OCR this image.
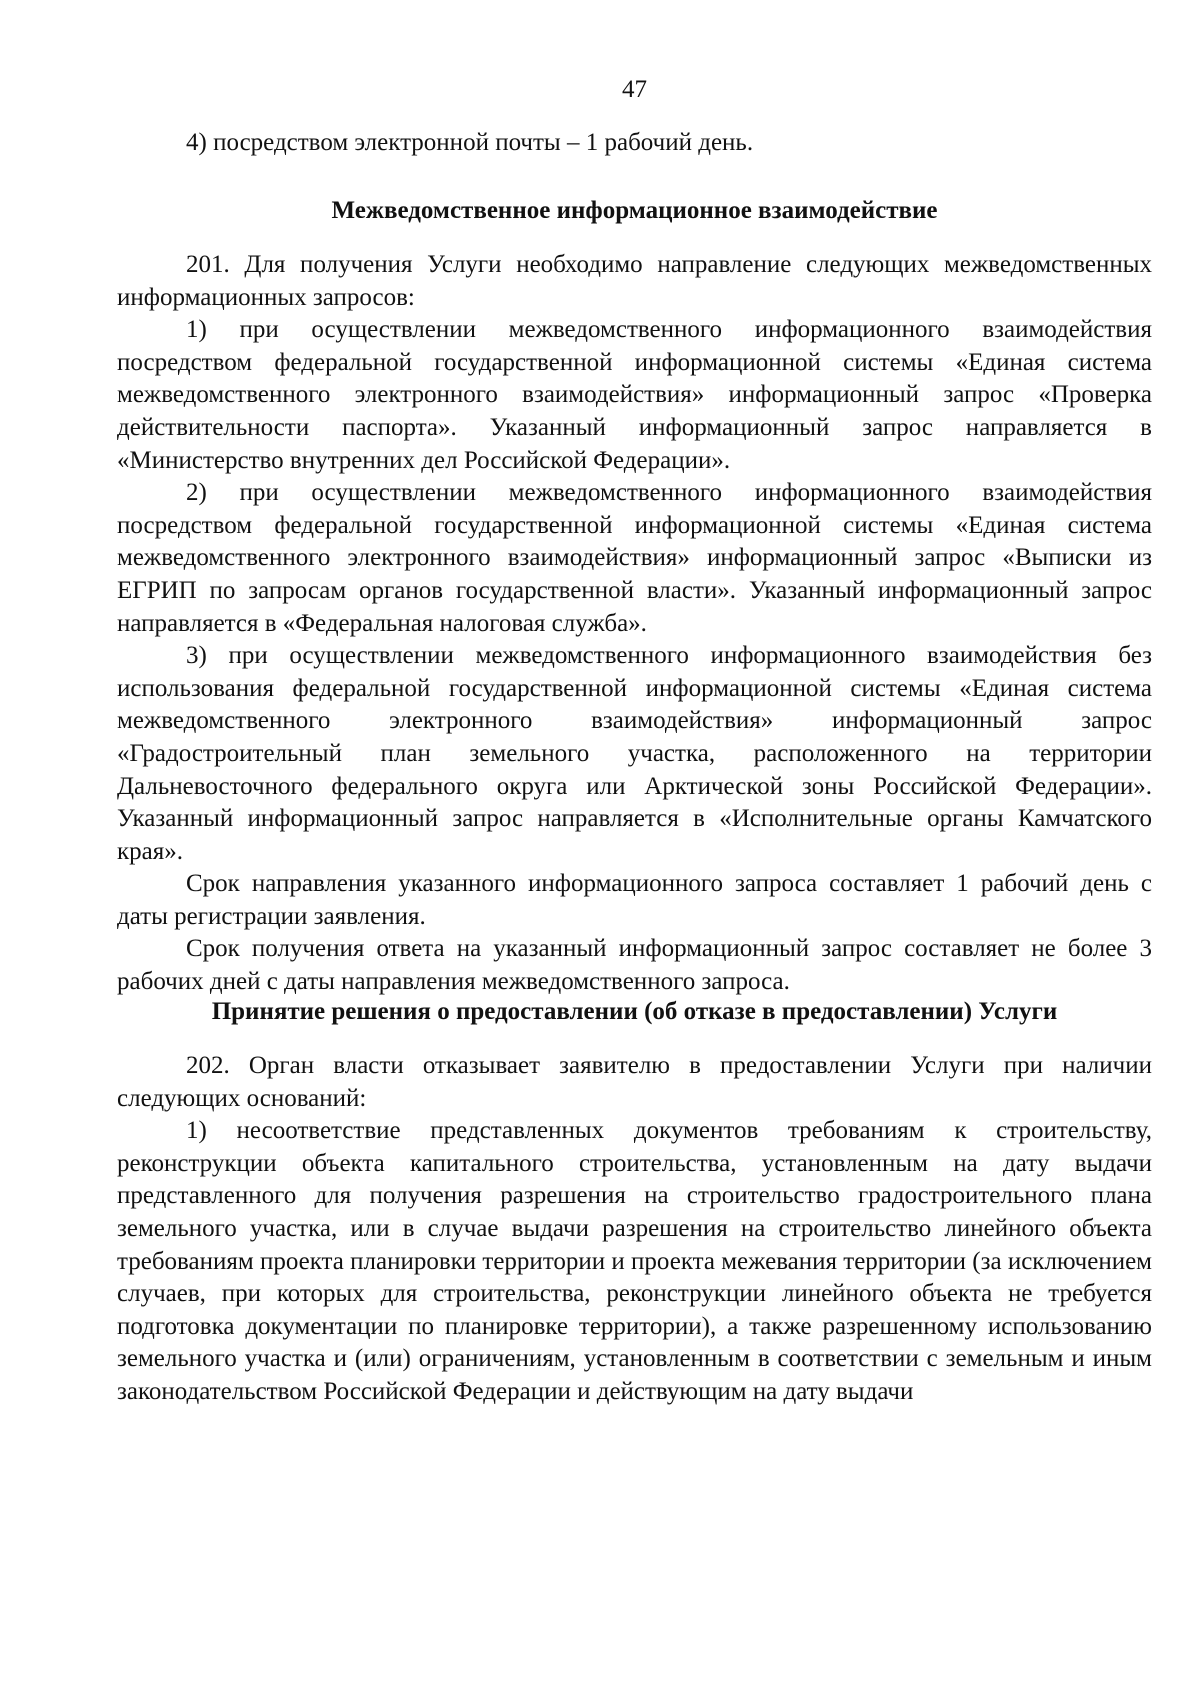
47

4) посредством электронной почты – 1 рабочий день.

Межведомственное информационное взаимодействие

201. Для получения Услуги необходимо направление следующих межведомственных информационных запросов:

1) при осуществлении межведомственного информационного взаимодействия посредством федеральной государственной информационной системы «Единая система межведомственного электронного взаимодействия» информационный запрос «Проверка действительности паспорта». Указанный информационный запрос направляется в «Министерство внутренних дел Российской Федерации».

2) при осуществлении межведомственного информационного взаимодействия посредством федеральной государственной информационной системы «Единая система межведомственного электронного взаимодействия» информационный запрос «Выписки из ЕГРИП по запросам органов государственной власти». Указанный информационный запрос направляется в «Федеральная налоговая служба».

3) при осуществлении межведомственного информационного взаимодействия без использования федеральной государственной информационной системы «Единая система межведомственного электронного взаимодействия» информационный запрос «Градостроительный план земельного участка, расположенного на территории Дальневосточного федерального округа или Арктической зоны Российской Федерации». Указанный информационный запрос направляется в «Исполнительные органы Камчатского края».

Срок направления указанного информационного запроса составляет 1 рабочий день с даты регистрации заявления.

Срок получения ответа на указанный информационный запрос составляет не более 3 рабочих дней с даты направления межведомственного запроса.

Принятие решения о предоставлении (об отказе в предоставлении) Услуги

202. Орган власти отказывает заявителю в предоставлении Услуги при наличии следующих оснований:

1) несоответствие представленных документов требованиям к строительству, реконструкции объекта капитального строительства, установленным на дату выдачи представленного для получения разрешения на строительство градостроительного плана земельного участка, или в случае выдачи разрешения на строительство линейного объекта требованиям проекта планировки территории и проекта межевания территории (за исключением случаев, при которых для строительства, реконструкции линейного объекта не требуется подготовка документации по планировке территории), а также разрешенному использованию земельного участка и (или) ограничениям, установленным в соответствии с земельным и иным законодательством Российской Федерации и действующим на дату выдачи
